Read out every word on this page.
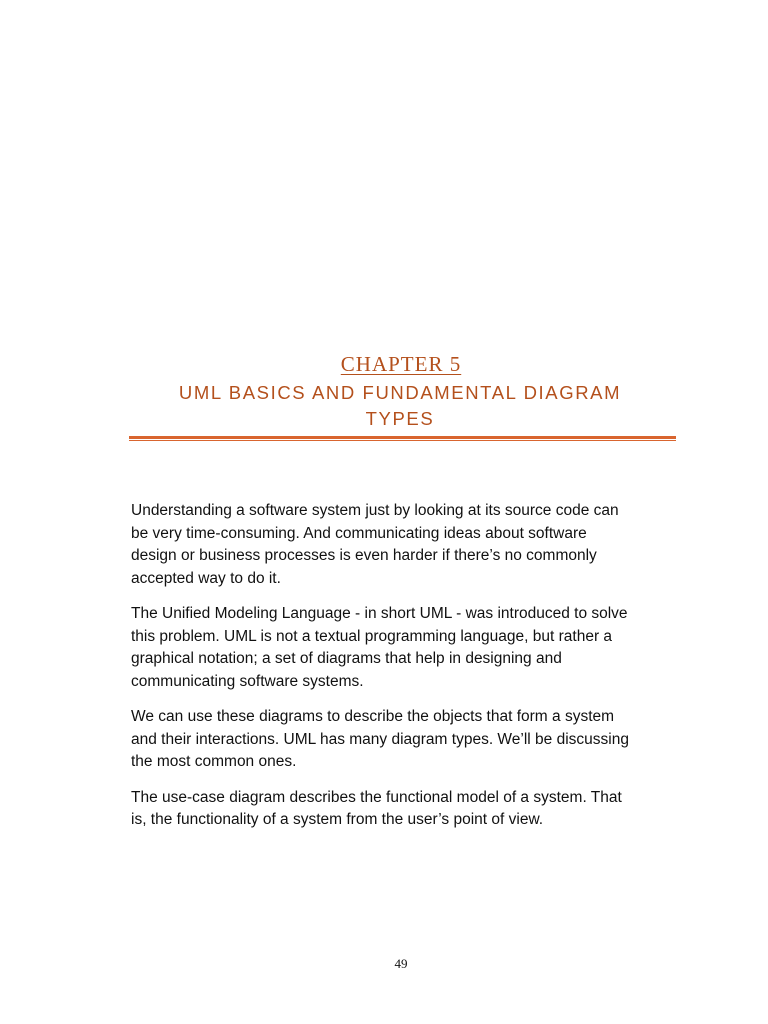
CHAPTER 5
UML BASICS AND FUNDAMENTAL DIAGRAM
TYPES

Understanding a software system just by looking at its source code can
be very time-consuming. And communicating ideas about software
design or business processes is even harder if there’s no commonly
accepted way to do it.

The Unified Modeling Language - in short UML - was introduced to solve
this problem. UML is not a textual programming language, but rather a
graphical notation; a set of diagrams that help in designing and
communicating software systems.

We can use these diagrams to describe the objects that form a system
and their interactions. UML has many diagram types. We’ll be discussing
the most common ones.

The use-case diagram describes the functional model of a system. That
is, the functionality of a system from the user’s point of view.

49
